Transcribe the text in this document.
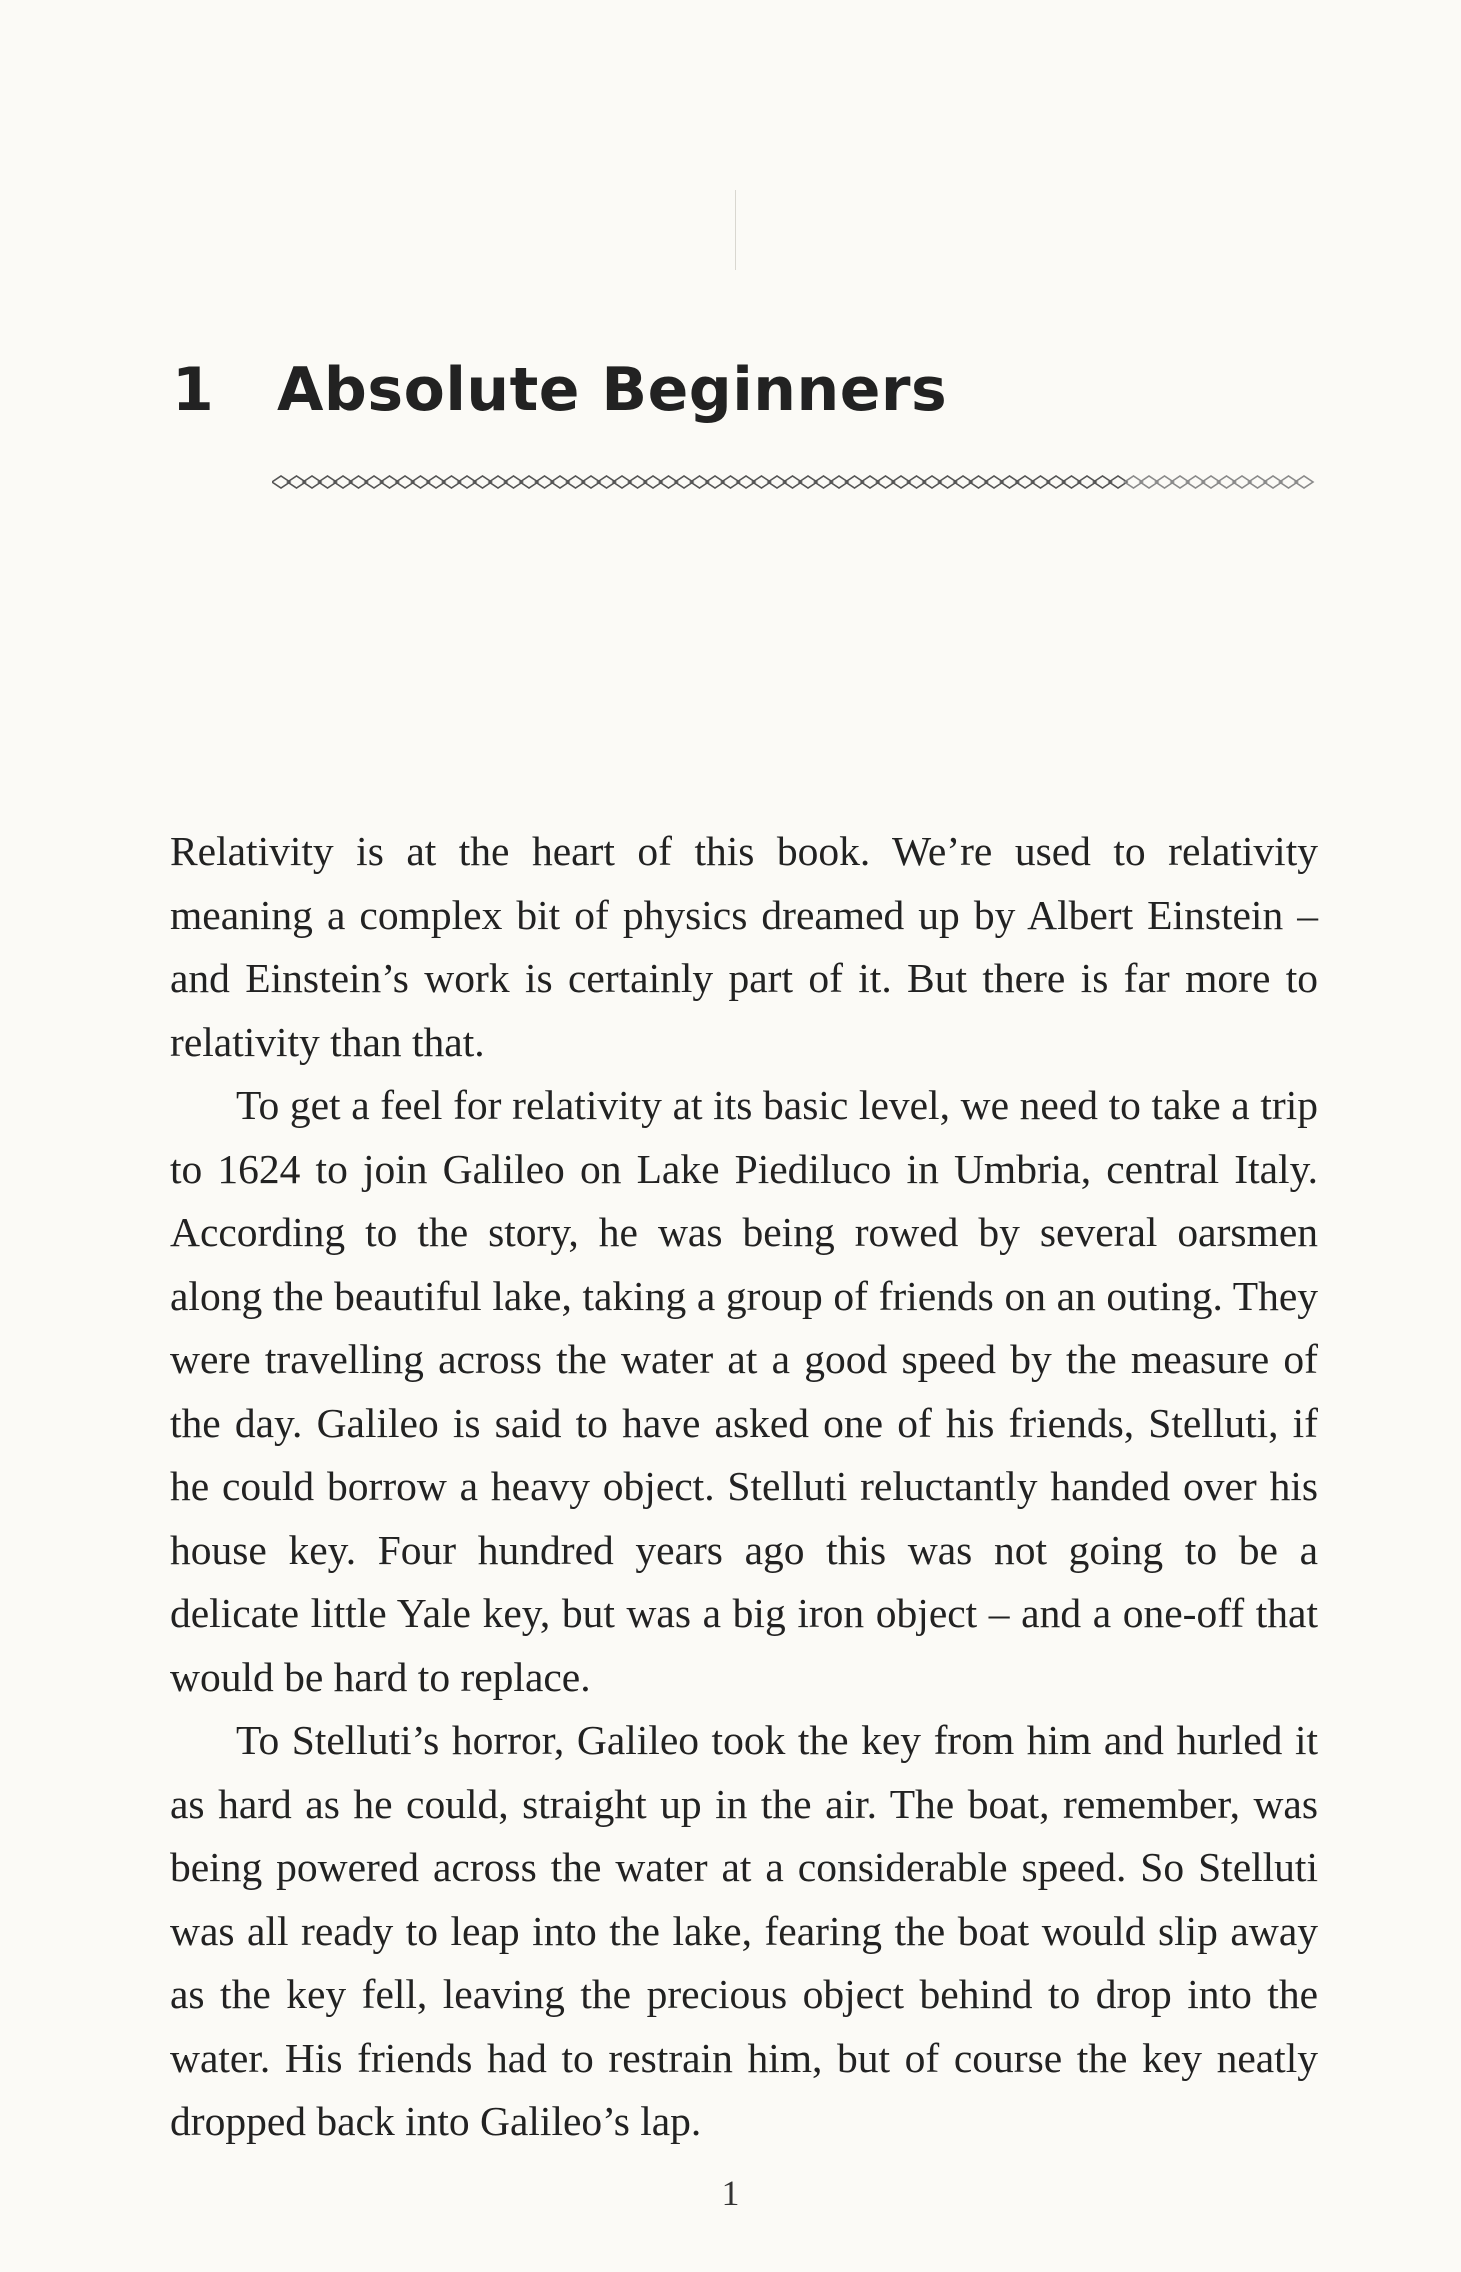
1 Absolute Beginners

Relativity is at the heart of this book. We’re used to relativity meaning a complex bit of physics dreamed up by Albert Einstein – and Einstein’s work is certainly part of it. But there is far more to relativity than that.

To get a feel for relativity at its basic level, we need to take a trip to 1624 to join Galileo on Lake Piediluco in Umbria, central Italy. According to the story, he was being rowed by several oarsmen along the beautiful lake, taking a group of friends on an outing. They were travelling across the water at a good speed by the measure of the day. Galileo is said to have asked one of his friends, Stelluti, if he could borrow a heavy object. Stelluti reluctantly handed over his house key. Four hundred years ago this was not going to be a delicate little Yale key, but was a big iron object – and a one-off that would be hard to replace.

To Stelluti’s horror, Galileo took the key from him and hurled it as hard as he could, straight up in the air. The boat, remember, was being powered across the water at a considerable speed. So Stelluti was all ready to leap into the lake, fearing the boat would slip away as the key fell, leaving the precious object behind to drop into the water. His friends had to restrain him, but of course the key neatly dropped back into Galileo’s lap.

1
